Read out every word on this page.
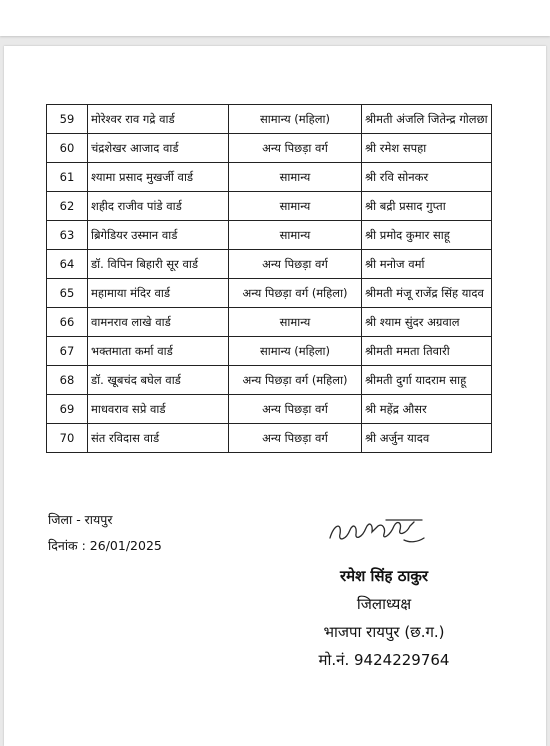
59	मोरेश्वर राव गद्रे वार्ड	सामान्य (महिला)	श्रीमती अंजलि जितेन्द्र गोलछा
60	चंद्रशेखर आजाद वार्ड	अन्य पिछड़ा वर्ग	श्री रमेश सपहा
61	श्यामा प्रसाद मुखर्जी वार्ड	सामान्य	श्री रवि सोनकर
62	शहीद राजीव पांडे वार्ड	सामान्य	श्री बद्री प्रसाद गुप्ता
63	ब्रिगेडियर उस्मान वार्ड	सामान्य	श्री प्रमोद कुमार साहू
64	डॉ. विपिन बिहारी सूर वार्ड	अन्य पिछड़ा वर्ग	श्री मनोज वर्मा
65	महामाया मंदिर वार्ड	अन्य पिछड़ा वर्ग (महिला)	श्रीमती मंजू राजेंद्र सिंह यादव
66	वामनराव लाखे वार्ड	सामान्य	श्री श्याम सुंदर अग्रवाल
67	भक्तमाता कर्मा वार्ड	सामान्य (महिला)	श्रीमती ममता तिवारी
68	डॉ. खूबचंद बघेल वार्ड	अन्य पिछड़ा वर्ग (महिला)	श्रीमती दुर्गा यादराम साहू
69	माधवराव सप्रे वार्ड	अन्य पिछड़ा वर्ग	श्री महेंद्र औसर
70	संत रविदास वार्ड	अन्य पिछड़ा वर्ग	श्री अर्जुन यादव
जिला - रायपुर
दिनांक : 26/01/2025
रमेश सिंह ठाकुर
जिलाध्यक्ष
भाजपा रायपुर (छ.ग.)
मो.नं. 9424229764
